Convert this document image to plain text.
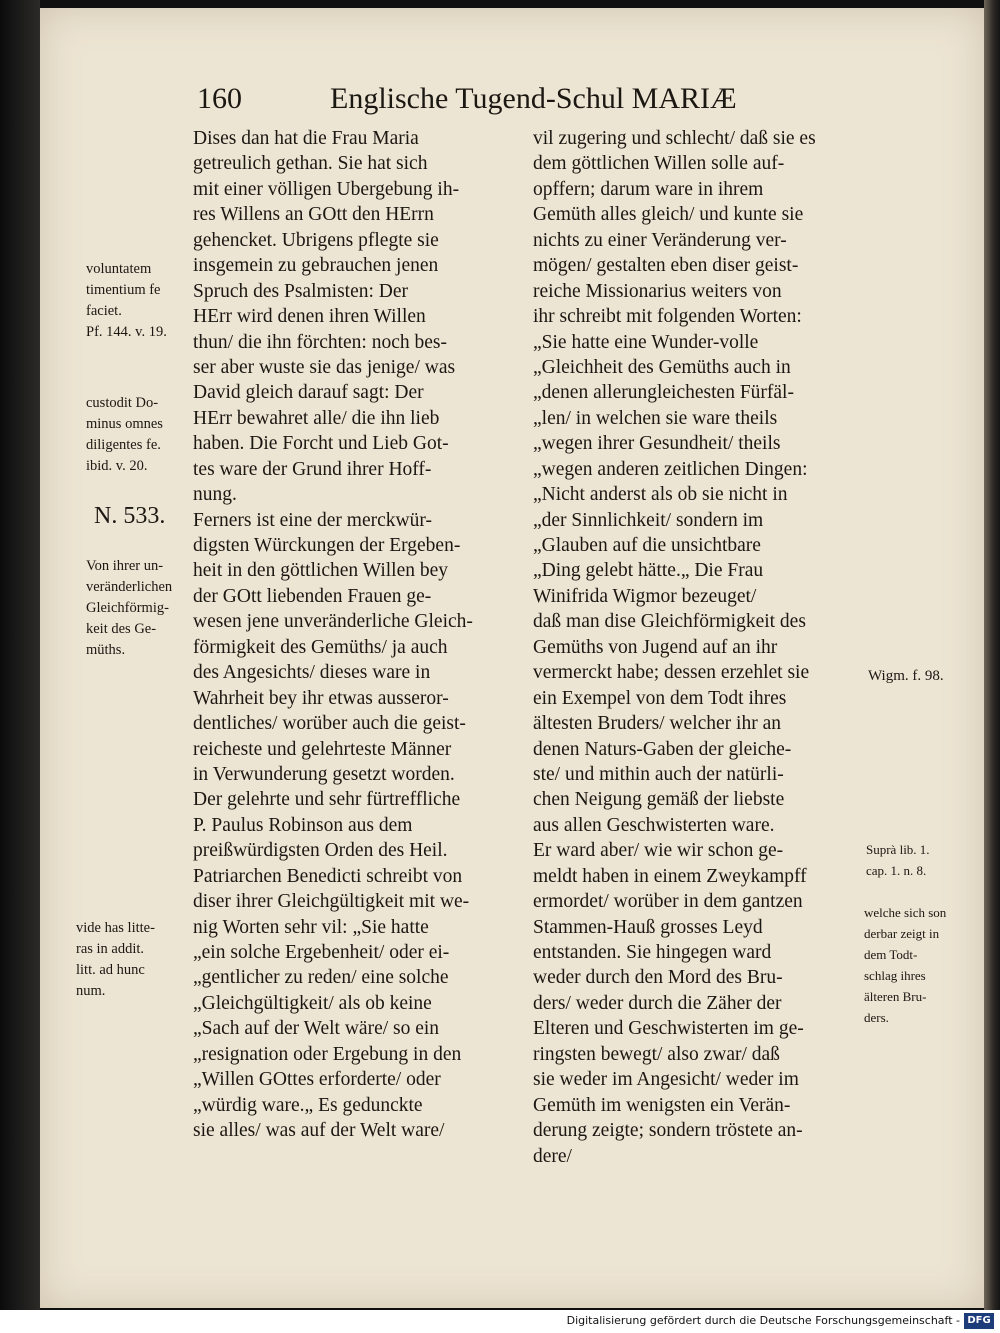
160	Englische Tugend-Schul MARIÆ
Dises dan hat die Frau Maria
getreulich gethan. Sie hat sich
mit einer völligen Ubergebung ih-
res Willens an GOtt den HErrn
gehencket. Ubrigens pflegte sie
insgemein zu gebrauchen jenen
Spruch des Psalmisten: Der
HErr wird denen ihren Willen
thun/ die ihn förchten: noch bes-
ser aber wuste sie das jenige/ was
David gleich darauf sagt: Der
HErr bewahret alle/ die ihn lieb
haben. Die Forcht und Lieb Got-
tes ware der Grund ihrer Hoff-
nung.
Ferners ist eine der merckwür-
digsten Würckungen der Ergeben-
heit in den göttlichen Willen bey
der GOtt liebenden Frauen ge-
wesen jene unveränderliche Gleich-
förmigkeit des Gemüths/ ja auch
des Angesichts/ dieses ware in
Wahrheit bey ihr etwas ausseror-
dentliches/ worüber auch die geist-
reicheste und gelehrteste Männer
in Verwunderung gesetzt worden.
Der gelehrte und sehr fürtreffliche
P. Paulus Robinson aus dem
preißwürdigsten Orden des Heil.
Patriarchen Benedicti schreibt von
diser ihrer Gleichgültigkeit mit we-
nig Worten sehr vil: „Sie hatte
„ein solche Ergebenheit/ oder ei-
„gentlicher zu reden/ eine solche
„Gleichgültigkeit/ als ob keine
„Sach auf der Welt wäre/ so ein
„resignation oder Ergebung in den
„Willen GOttes erforderte/ oder
„würdig ware.„ Es gedunckte
sie alles/ was auf der Welt ware/
vil zugering und schlecht/ daß sie es
dem göttlichen Willen solle auf-
opffern; darum ware in ihrem
Gemüth alles gleich/ und kunte sie
nichts zu einer Veränderung ver-
mögen/ gestalten eben diser geist-
reiche Missionarius weiters von
ihr schreibt mit folgenden Worten:
„Sie hatte eine Wunder-volle
„Gleichheit des Gemüths auch in
„denen allerungleichesten Fürfäl-
„len/ in welchen sie ware theils
„wegen ihrer Gesundheit/ theils
„wegen anderen zeitlichen Dingen:
„Nicht anderst als ob sie nicht in
„der Sinnlichkeit/ sondern im
„Glauben auf die unsichtbare
„Ding gelebt hätte.„ Die Frau
Winifrida Wigmor bezeuget/
daß man dise Gleichförmigkeit des
Gemüths von Jugend auf an ihr
vermerckt habe; dessen erzehlet sie
ein Exempel von dem Todt ihres
ältesten Bruders/ welcher ihr an
denen Naturs-Gaben der gleiche-
ste/ und mithin auch der natürli-
chen Neigung gemäß der liebste
aus allen Geschwisterten ware.
Er ward aber/ wie wir schon ge-
meldt haben in einem Zweykampff
ermordet/ worüber in dem gantzen
Stammen-Hauß grosses Leyd
entstanden. Sie hingegen ward
weder durch den Mord des Bru-
ders/ weder durch die Zäher der
Elteren und Geschwisterten im ge-
ringsten bewegt/ also zwar/ daß
sie weder im Angesicht/ weder im
Gemüth im wenigsten ein Verän-
derung zeigte; sondern tröstete an-
dere/
voluntatem
timentium fe
faciet.
Pf. 144. v. 19.
custodit Do-
minus omnes
diligentes fe.
ibid. v. 20.
N. 533.
Von ihrer un-
veränderlichen
Gleichförmig-
keit des Ge-
müths.
vide has litte-
ras in addit.
litt. ad hunc
num.
Wigm. f. 98.
Suprà lib. 1.
cap. 1. n. 8.
welche sich son
derbar zeigt in
dem Todt-
schlag ihres
älteren Bru-
ders.
Digitalisierung gefördert durch die Deutsche Forschungsgemeinschaft - DFG
